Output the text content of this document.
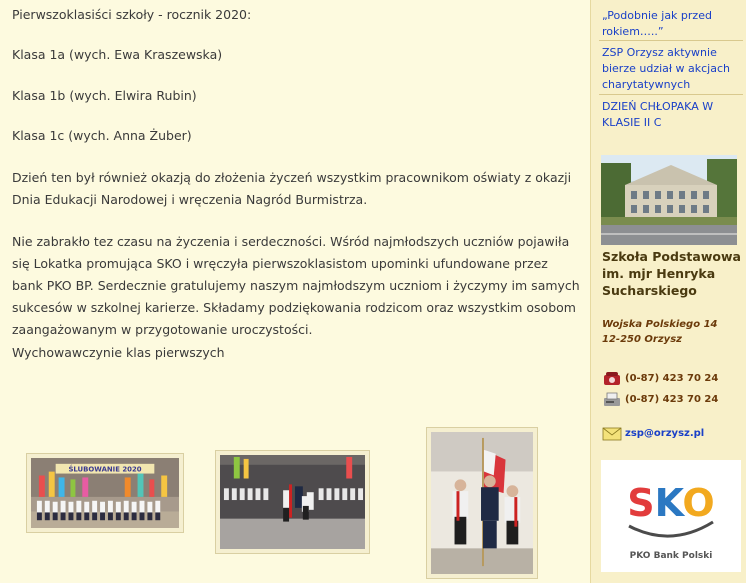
Pierwszoklasiści szkoły - rocznik 2020:

Klasa 1a (wych. Ewa Kraszewska)

Klasa 1b (wych. Elwira Rubin)

Klasa 1c (wych. Anna Żuber)

Dzień ten był również okazją do złożenia życzeń wszystkim pracownikom oświaty z okazji Dnia Edukacji Narodowej i wręczenia Nagród Burmistrza.

Nie zabrakło tez czasu na życzenia i serdeczności. Wśród najmłodszych uczniów pojawiła się Lokatka promująca SKO i wręczyła pierwszoklasistom upominki ufundowane przez bank PKO BP. Serdecznie gratulujemy naszym najmłodszym uczniom i życzymy im samych sukcesów w szkolnej karierze. Składamy podziękowania rodzicom oraz wszystkim osobom zaangażowanym w przygotowanie uroczystości.

Wychowawczynie klas pierwszych

ŚLUBOWANIE 2020
„Podobnie jak przed rokiem…..”
ZSP Orzysz aktywnie bierze udział w akcjach charytatywnych
DZIEŃ CHŁOPAKA W KLASIE II C
Szkoła Podstawowa im. mjr Henryka Sucharskiego
Wojska Polskiego 14
12-250 Orzysz
(0-87) 423 70 24
(0-87) 423 70 24
zsp@orzysz.pl
SKO
PKO Bank Polski
